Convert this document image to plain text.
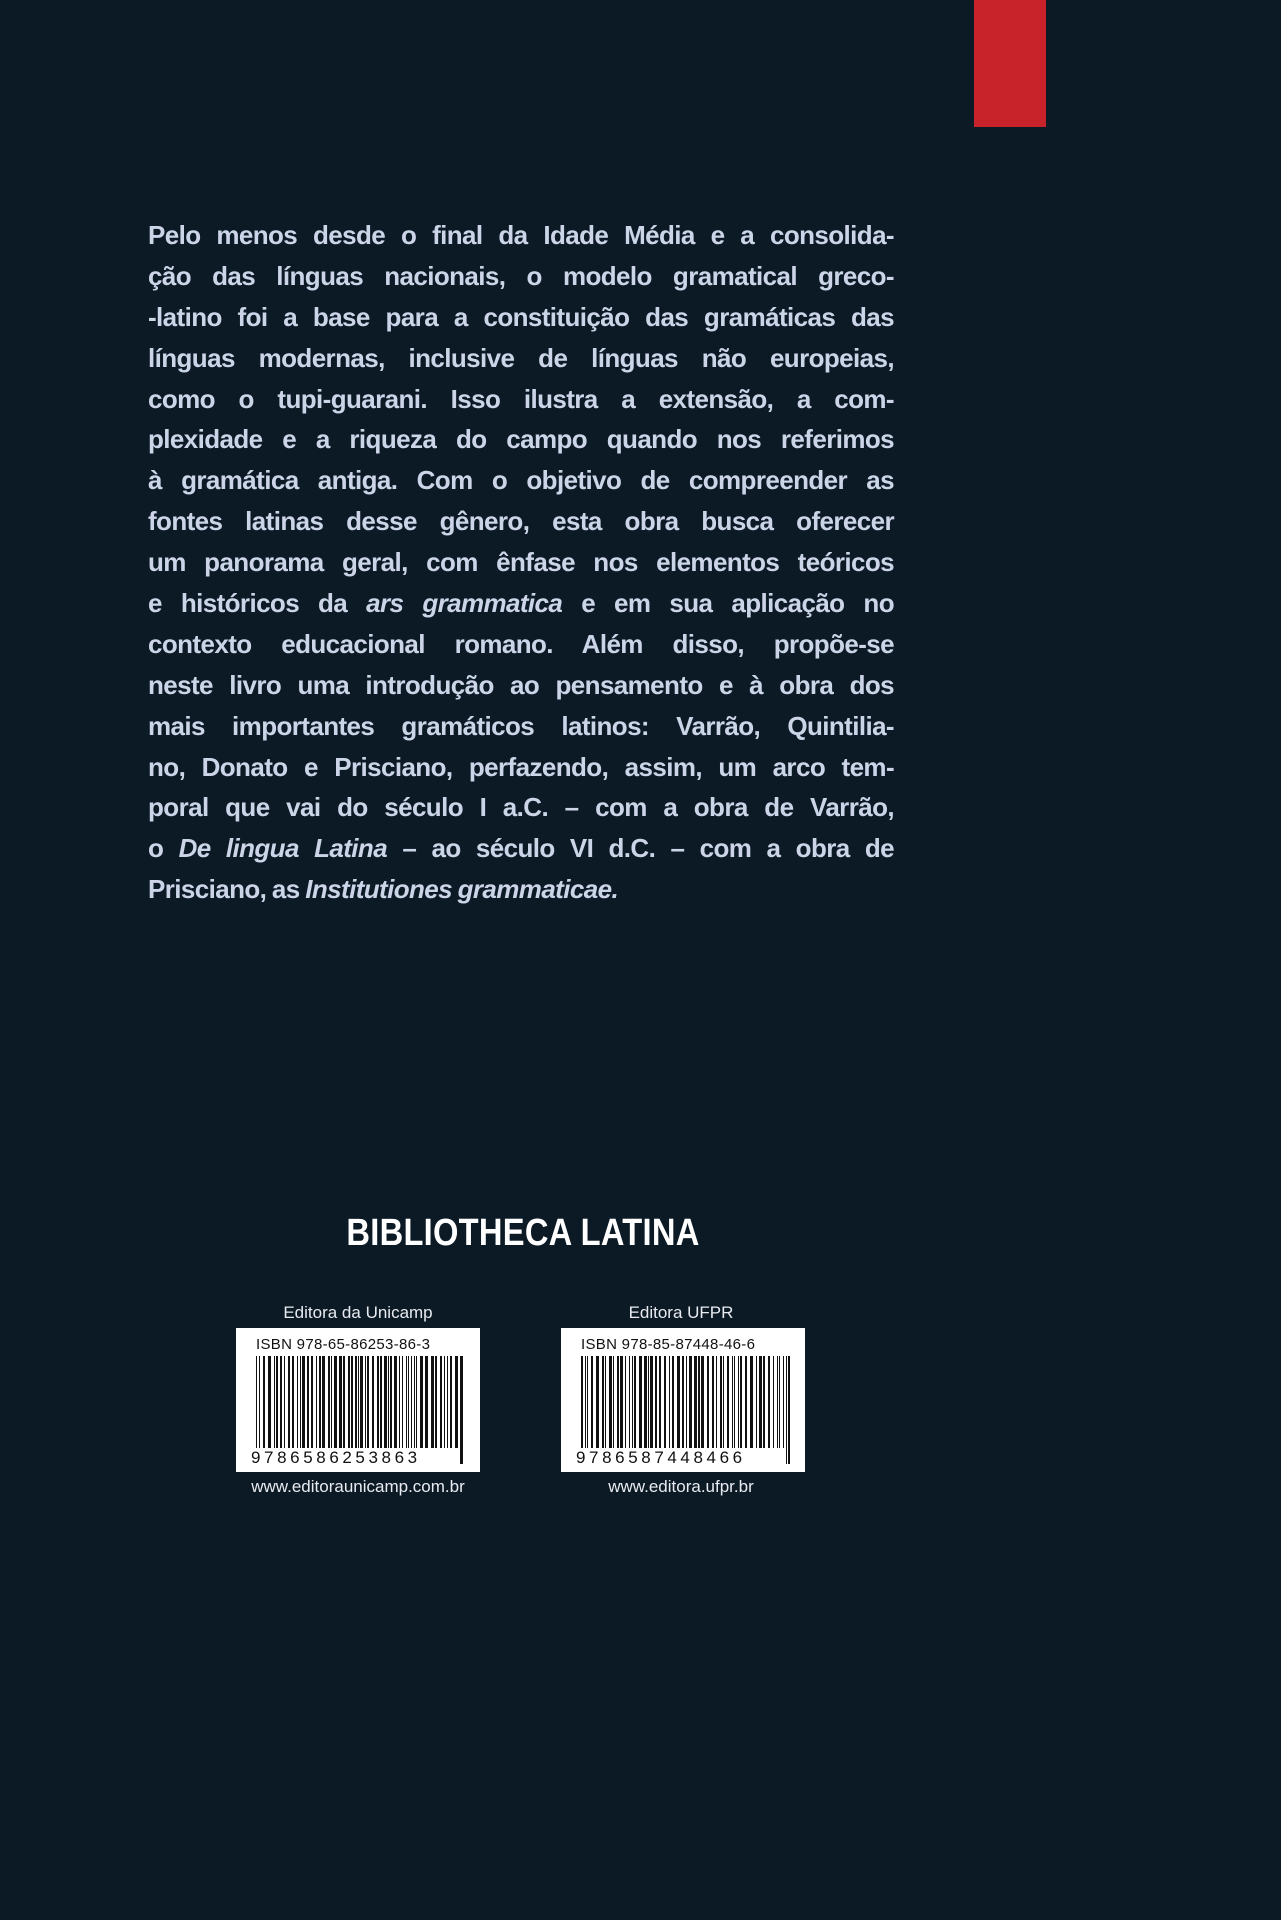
Pelo menos desde o final da Idade Média e a consolida-
ção das línguas nacionais, o modelo gramatical greco-
-latino foi a base para a constituição das gramáticas das
línguas modernas, inclusive de línguas não europeias,
como o tupi-guarani. Isso ilustra a extensão, a com-
plexidade e a riqueza do campo quando nos referimos
à gramática antiga. Com o objetivo de compreender as
fontes latinas desse gênero, esta obra busca oferecer
um panorama geral, com ênfase nos elementos teóricos
e históricos da ars grammatica e em sua aplicação no
contexto educacional romano. Além disso, propõe-se
neste livro uma introdução ao pensamento e à obra dos
mais importantes gramáticos latinos: Varrão, Quintilia-
no, Donato e Prisciano, perfazendo, assim, um arco tem-
poral que vai do século I a.C. – com a obra de Varrão,
o De lingua Latina – ao século VI d.C. – com a obra de
Prisciano, as Institutiones grammaticae.
BIBLIOTHECA LATINA
Editora da Unicamp
ISBN 978-65-86253-86-3
9786586253863
www.editoraunicamp.com.br
Editora UFPR
ISBN 978-85-87448-46-6
9786587448466
www.editora.ufpr.br
